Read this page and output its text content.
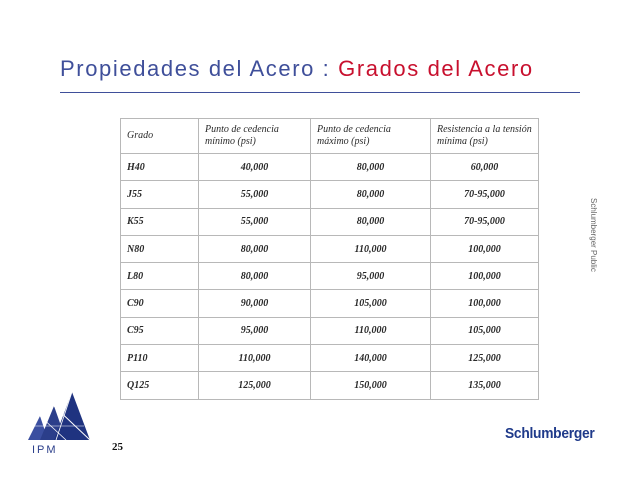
Propiedades del Acero : Grados del Acero
Grado	Punto de cedencia mínimo (psi)	Punto de cedencia máximo (psi)	Resistencia a la tensión mínima (psi)
H40	40,000	80,000	60,000
J55	55,000	80,000	70-95,000
K55	55,000	80,000	70-95,000
N80	80,000	110,000	100,000
L80	80,000	95,000	100,000
C90	90,000	105,000	100,000
C95	95,000	110,000	105,000
P110	110,000	140,000	125,000
Q125	125,000	150,000	135,000
Schlumberger Public
IPM	25
Schlumberger
